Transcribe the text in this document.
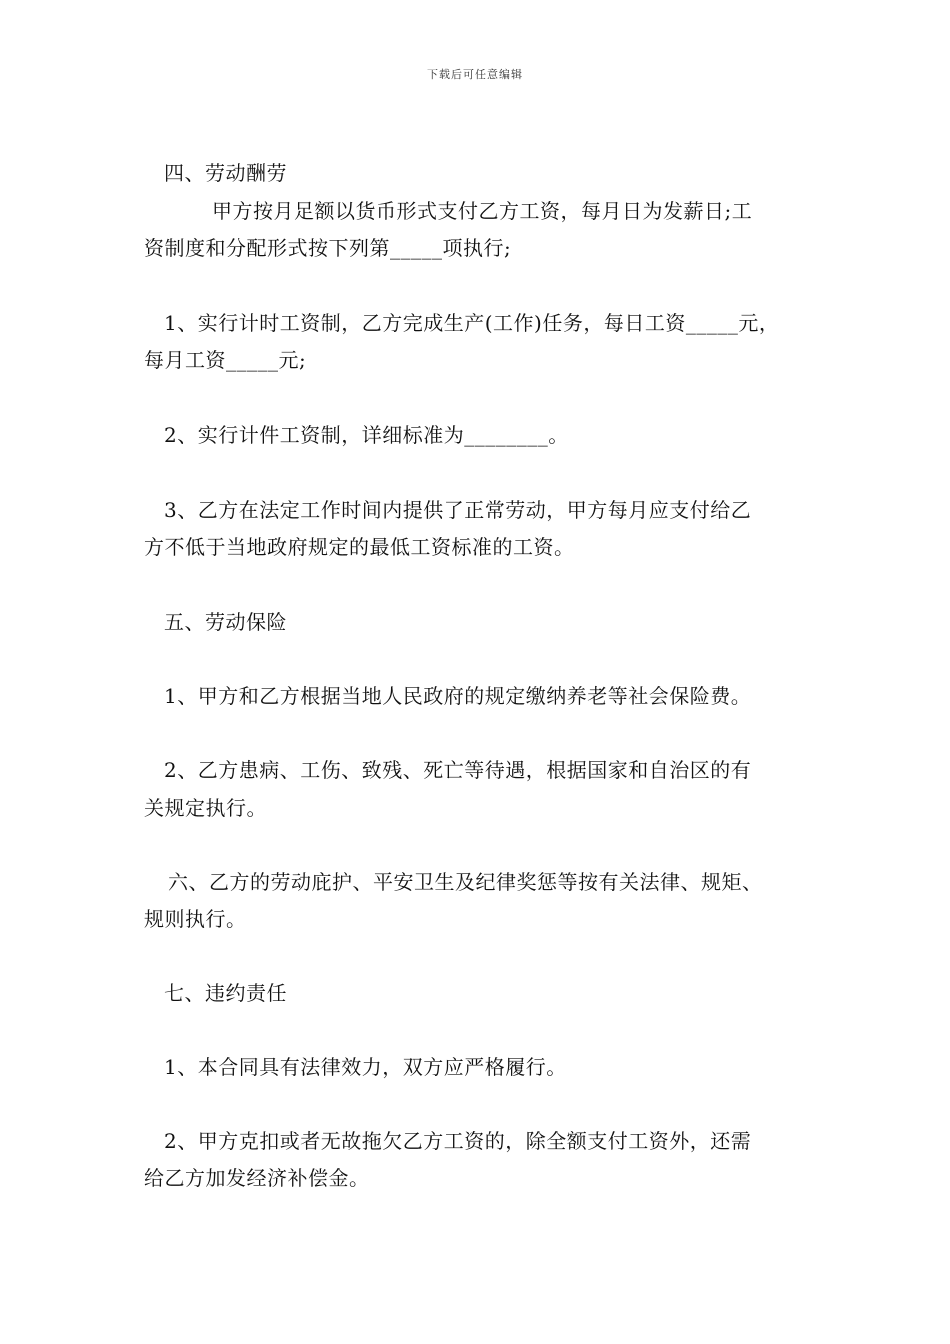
下载后可任意编辑
四、劳动酬劳
甲方按月足额以货币形式支付乙方工资，每月日为发薪日;工
资制度和分配形式按下列第_____项执行;
1、实行计时工资制，乙方完成生产(工作)任务，每日工资_____元，
每月工资_____元;
2、实行计件工资制，详细标准为________。
3、乙方在法定工作时间内提供了正常劳动，甲方每月应支付给乙
方不低于当地政府规定的最低工资标准的工资。
五、劳动保险
1、甲方和乙方根据当地人民政府的规定缴纳养老等社会保险费。
2、乙方患病、工伤、致残、死亡等待遇，根据国家和自治区的有
关规定执行。
六、乙方的劳动庇护、平安卫生及纪律奖惩等按有关法律、规矩、
规则执行。
七、违约责任
1、本合同具有法律效力，双方应严格履行。
2、甲方克扣或者无故拖欠乙方工资的，除全额支付工资外，还需
给乙方加发经济补偿金。
